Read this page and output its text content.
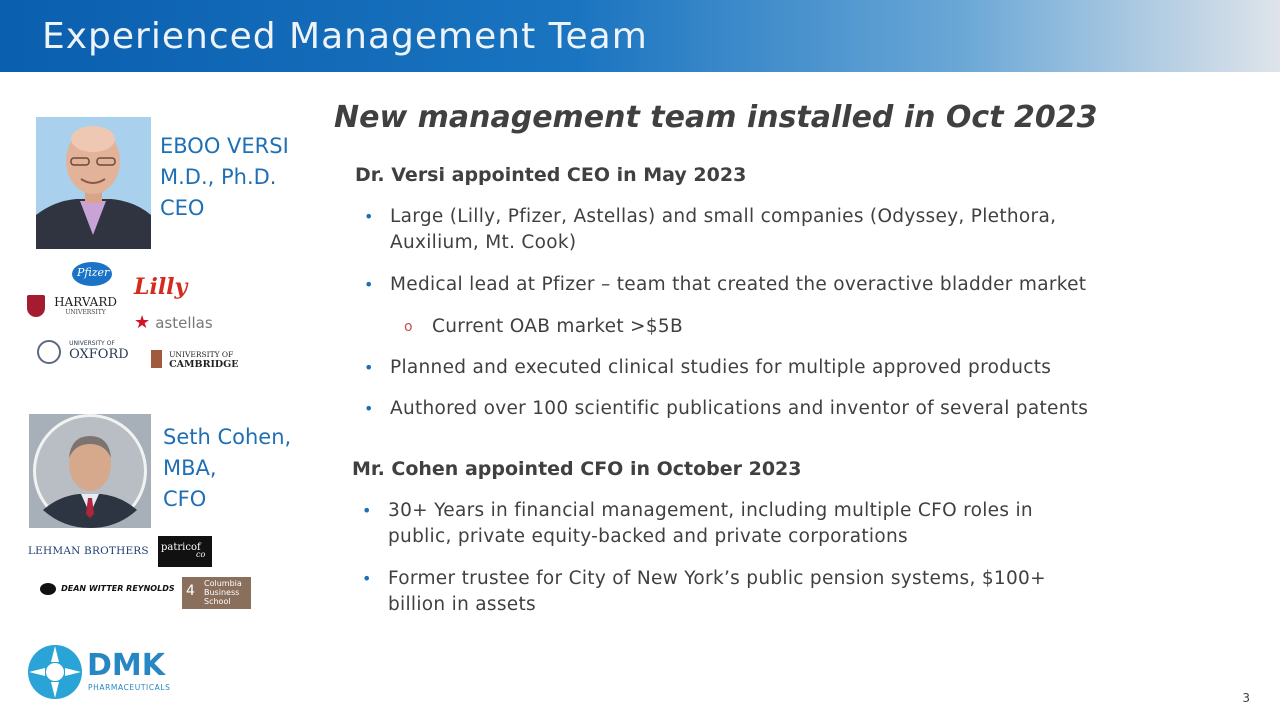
Experienced Management Team
EBOO VERSI
M.D., Ph.D.
CEO
Pfizer
Lilly

HARVARD
UNIVERSITY	★ astellas

UNIVERSITY OF
OXFORD
	UNIVERSITY OF
CAMBRIDGE
Seth Cohen,
MBA,
CFO
LEHMAN BROTHERS patricof
co
DEAN WITTER REYNOLDS 4 Columbia
Business
School
DMK
PHARMACEUTICALS
New management team installed in Oct 2023
Dr. Versi appointed CEO in May 2023
• Large (Lilly, Pfizer, Astellas) and small companies (Odyssey, Plethora, Auxilium, Mt. Cook)
• Medical lead at Pfizer – team that created the overactive bladder market
o Current OAB market >$5B
• Planned and executed clinical studies for multiple approved products
• Authored over 100 scientific publications and inventor of several patents
Mr. Cohen appointed CFO in October 2023
• 30+ Years in financial management, including multiple CFO roles in public, private equity-backed and private corporations
• Former trustee for City of New York’s public pension systems, $100+ billion in assets
3
